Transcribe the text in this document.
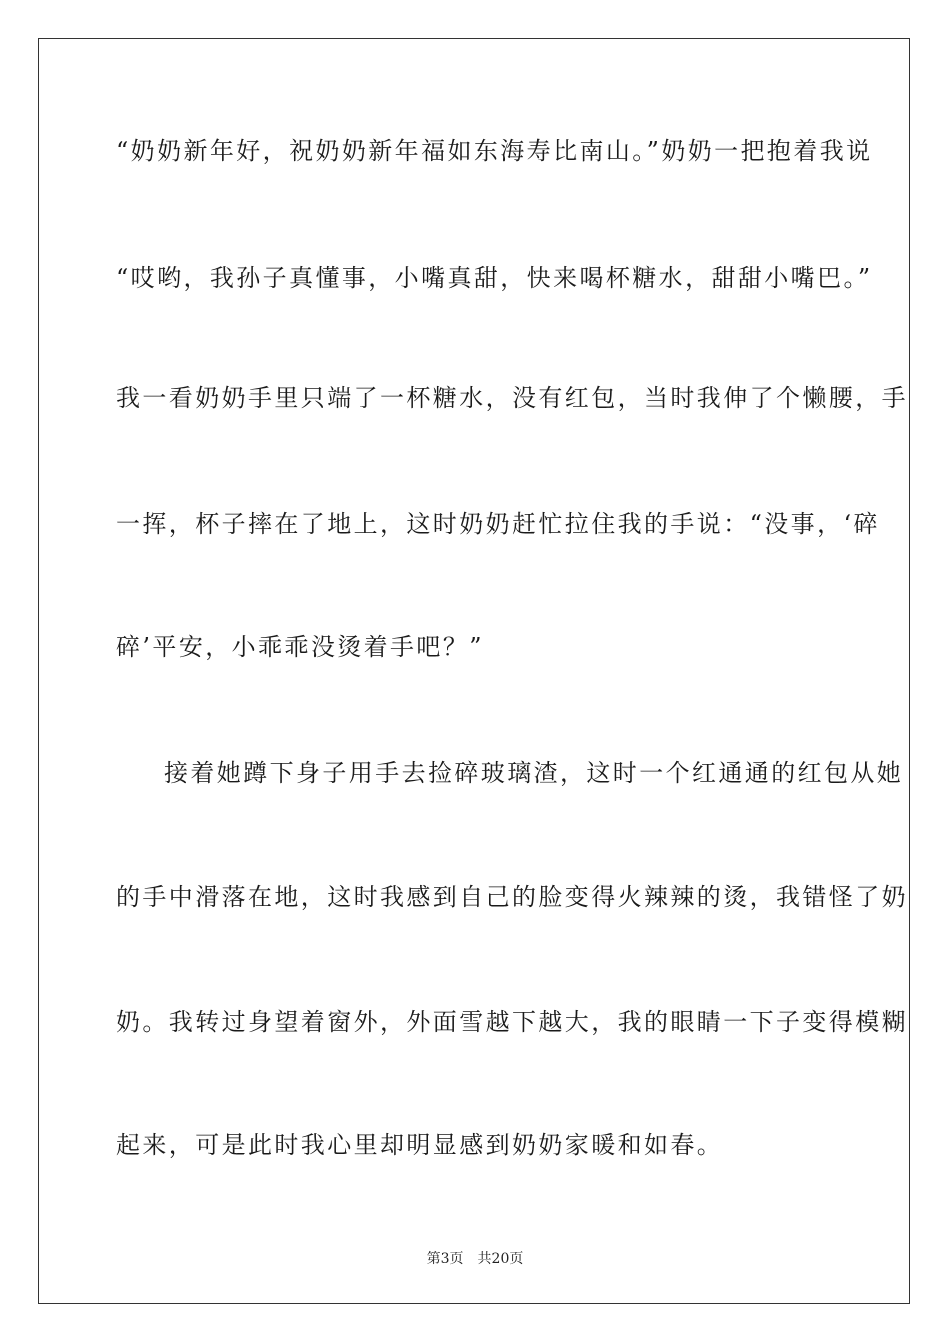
“奶奶新年好，祝奶奶新年福如东海寿比南山。”奶奶一把抱着我说
“哎哟，我孙子真懂事，小嘴真甜，快来喝杯糖水，甜甜小嘴巴。”
我一看奶奶手里只端了一杯糖水，没有红包，当时我伸了个懒腰，手
一挥，杯子摔在了地上，这时奶奶赶忙拉住我的手说：“没事，‘碎
碎’平安，小乖乖没烫着手吧？”
接着她蹲下身子用手去捡碎玻璃渣，这时一个红通通的红包从她
的手中滑落在地，这时我感到自己的脸变得火辣辣的烫，我错怪了奶
奶。我转过身望着窗外，外面雪越下越大，我的眼睛一下子变得模糊
起来，可是此时我心里却明显感到奶奶家暖和如春。
第3页 共20页
